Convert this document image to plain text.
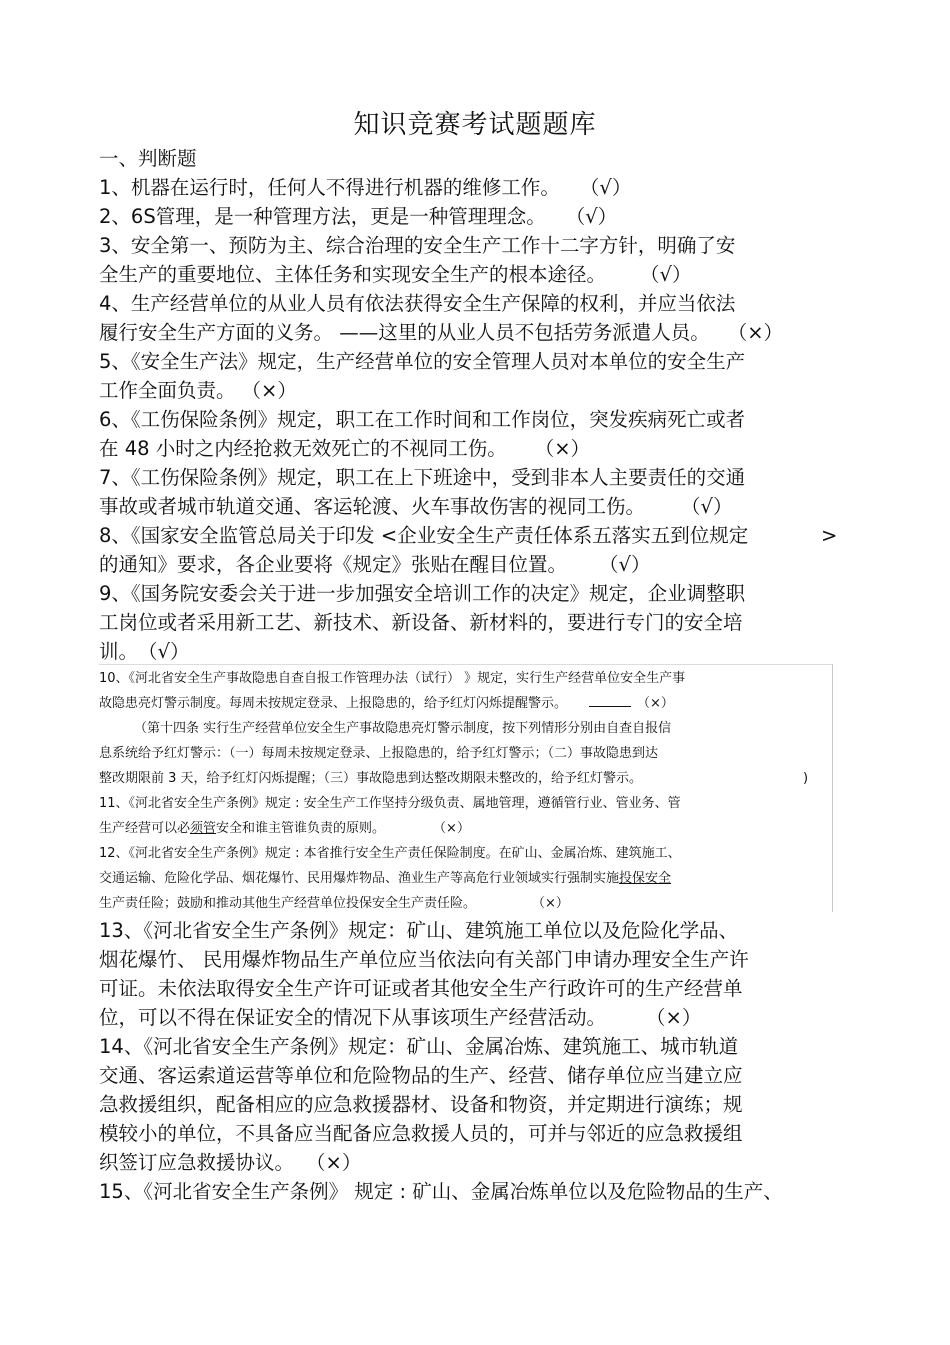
知识竞赛考试题题库
一、判断题
1、机器在运行时，任何人不得进行机器的维修工作。 （√）
2、6S管理，是一种管理方法，更是一种管理理念。 （√）
3、安全第一、预防为主、综合治理的安全生产工作十二字方针，明确了安
全生产的重要地位、主体任务和实现安全生产的根本途径。 （√）
4、生产经营单位的从业人员有依法获得安全生产保障的权利，并应当依法
履行安全生产方面的义务。 ——这里的从业人员不包括劳务派遣人员。 （×）
5、《安全生产法》规定，生产经营单位的安全管理人员对本单位的安全生产
工作全面负责。 （×）
6、《工伤保险条例》规定，职工在工作时间和工作岗位，突发疾病死亡或者
在 48 小时之内经抢救无效死亡的不视同工伤。 （×）
7、《工伤保险条例》规定，职工在上下班途中，受到非本人主要责任的交通
事故或者城市轨道交通、客运轮渡、火车事故伤害的视同工伤。 （√）
8、《国家安全监管总局关于印发 <企业安全生产责任体系五落实五到位规定	>
的通知》要求，各企业要将《规定》张贴在醒目位置。 （√）
9、《国务院安委会关于进一步加强安全培训工作的决定》规定，企业调整职
工岗位或者采用新工艺、新技术、新设备、新材料的，要进行专门的安全培
训。（√）
10、《河北省安全生产事故隐患自查自报工作管理办法（试行） 》规定，实行生产经营单位安全生产事
故隐患亮灯警示制度。每周未按规定登录、上报隐患的，给予红灯闪烁提醒警示。	（×）
（第十四条 实行生产经营单位安全生产事故隐患亮灯警示制度，按下列情形分别由自查自报信
息系统给予红灯警示：（一）每周未按规定登录、上报隐患的，给予红灯警示；（二）事故隐患到达
整改期限前 3 天，给予红灯闪烁提醒；（三）事故隐患到达整改期限未整改的，给予红灯警示。	)
11、《河北省安全生产条例》规定 : 安全生产工作坚持分级负责、属地管理，遵循管行业、管业务、管
生产经营可以必须管安全和谁主管谁负责的原则。	（×）
12、《河北省安全生产条例》规定 : 本省推行安全生产责任保险制度。在矿山、金属冶炼、建筑施工、
交通运输、危险化学品、烟花爆竹、民用爆炸物品、渔业生产等高危行业领域实行强制实施投保安全
生产责任险；鼓励和推动其他生产经营单位投保安全生产责任险。	（×）
13、《河北省安全生产条例》规定：矿山、建筑施工单位以及危险化学品、
烟花爆竹、 民用爆炸物品生产单位应当依法向有关部门申请办理安全生产许
可证。未依法取得安全生产许可证或者其他安全生产行政许可的生产经营单
位，可以不得在保证安全的情况下从事该项生产经营活动。 （×）
14、《河北省安全生产条例》规定：矿山、金属冶炼、建筑施工、城市轨道
交通、客运索道运营等单位和危险物品的生产、经营、储存单位应当建立应
急救援组织，配备相应的应急救援器材、设备和物资，并定期进行演练；规
模较小的单位，不具备应当配备应急救援人员的，可并与邻近的应急救援组
织签订应急救援协议。 （×）
15、《河北省安全生产条例》 规定 : 矿山、金属冶炼单位以及危险物品的生产、
